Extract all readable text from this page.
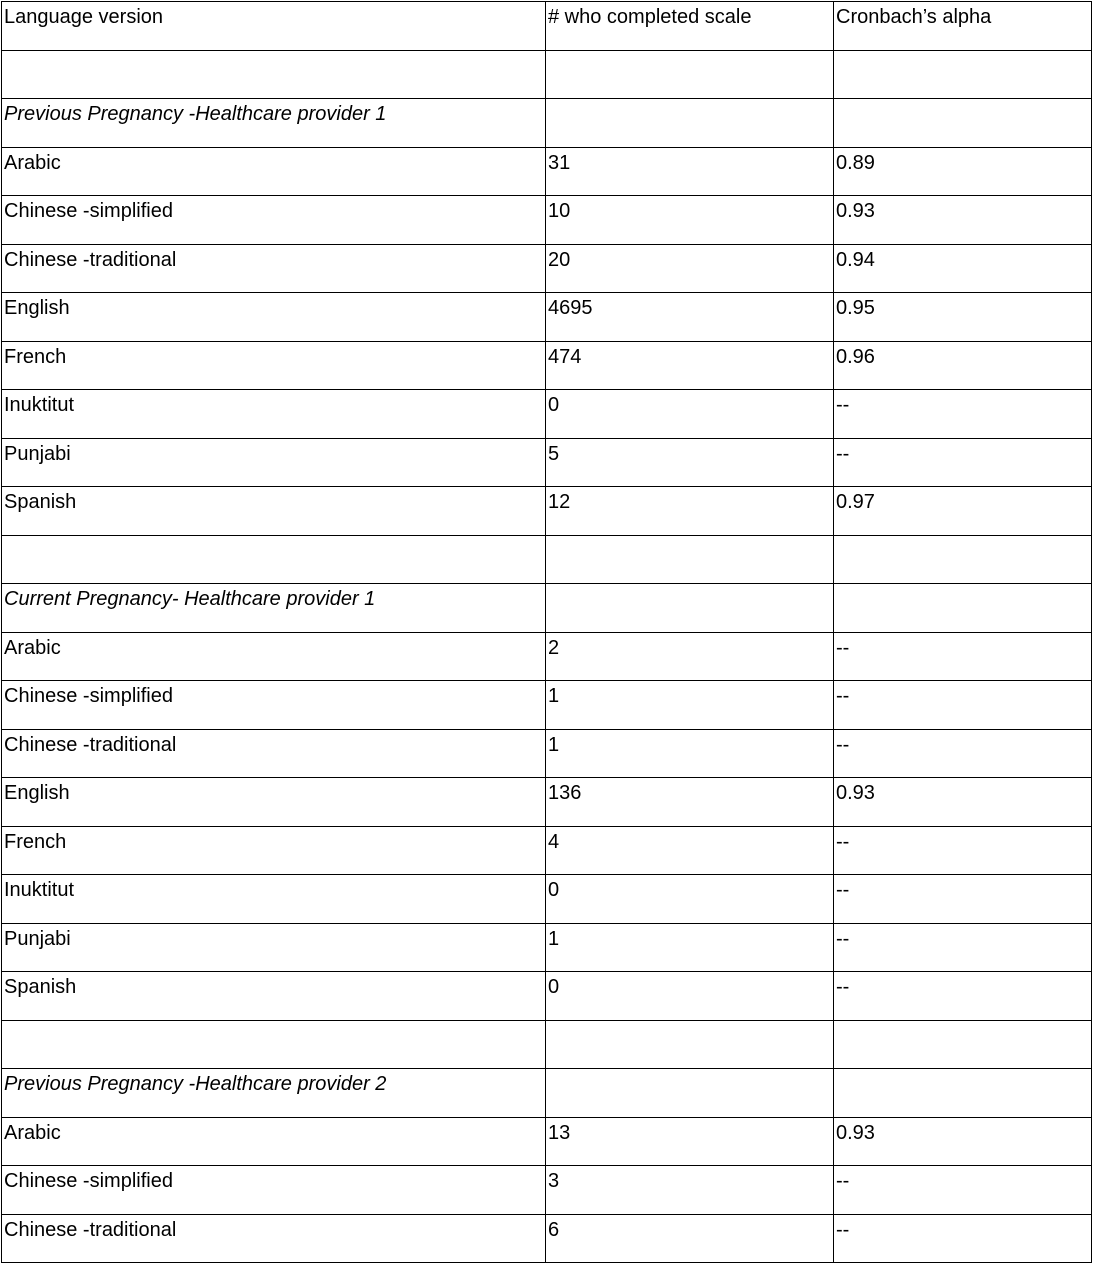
Language version	# who completed scale	Cronbach’s alpha

Previous Pregnancy -Healthcare provider 1		
Arabic	31	0.89
Chinese -simplified	10	0.93
Chinese -traditional	20	0.94
English	4695	0.95
French	474	0.96
Inuktitut	0	--
Punjabi	5	--
Spanish	12	0.97

Current Pregnancy- Healthcare provider 1		
Arabic	2	--
Chinese -simplified	1	--
Chinese -traditional	1	--
English	136	0.93
French	4	--
Inuktitut	0	--
Punjabi	1	--
Spanish	0	--

Previous Pregnancy -Healthcare provider 2		
Arabic	13	0.93
Chinese -simplified	3	--
Chinese -traditional	6	--
